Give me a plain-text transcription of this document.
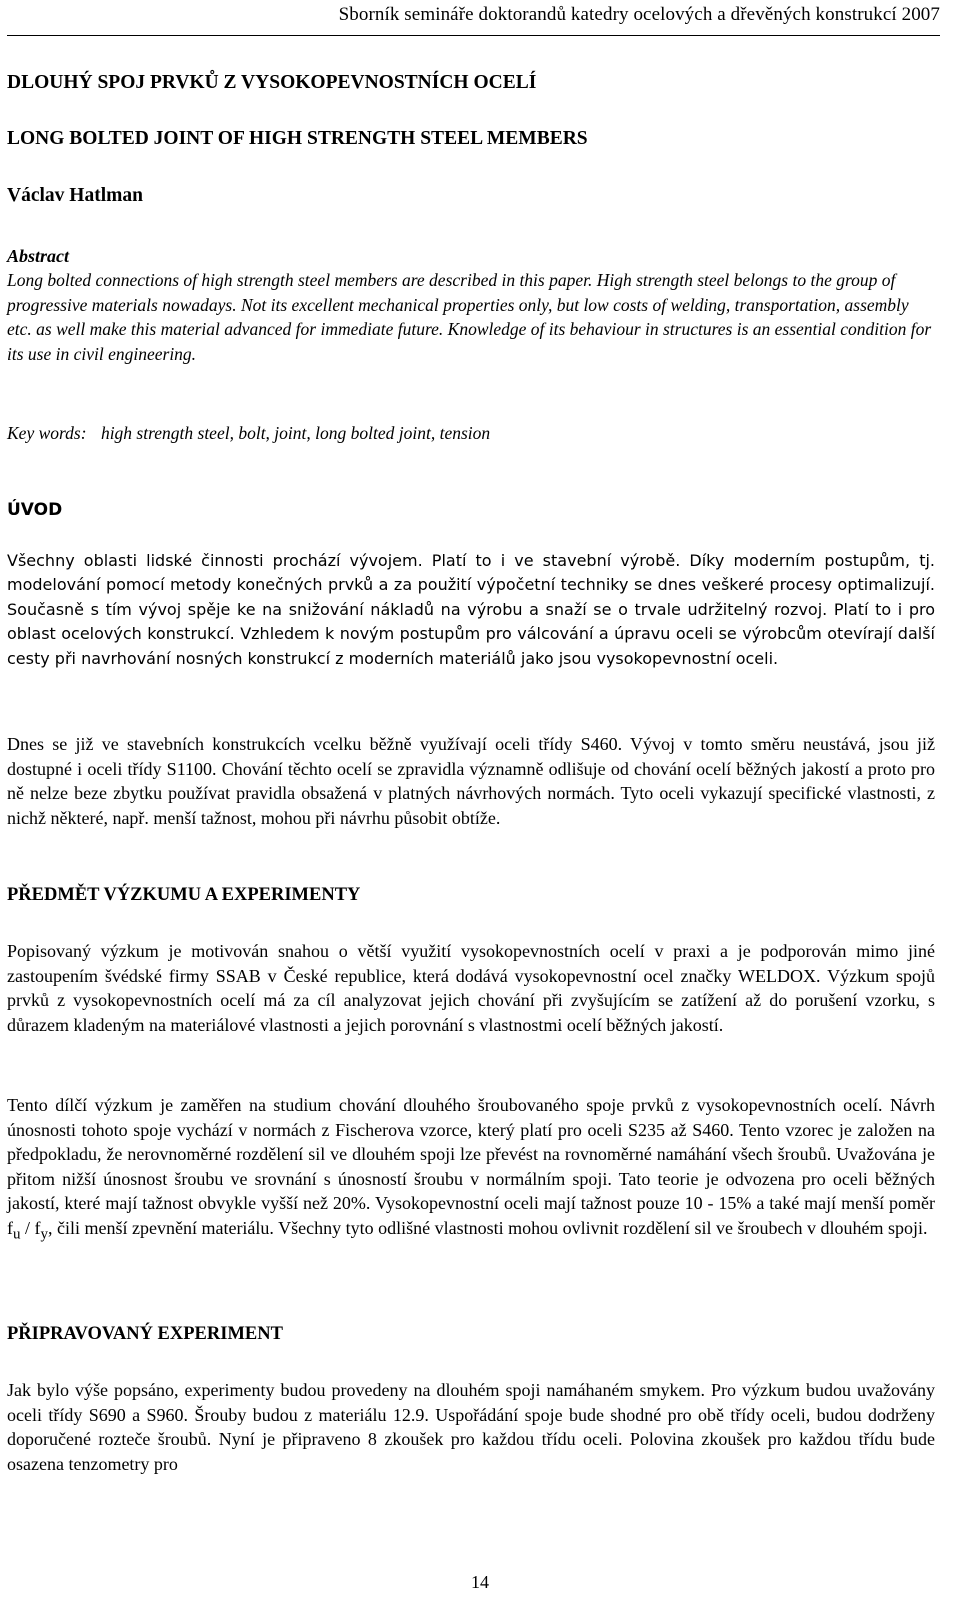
Sborník semináře doktorandů katedry ocelových a dřevěných konstrukcí 2007
DLOUHÝ SPOJ PRVKŮ Z VYSOKOPEVNOSTNÍCH OCELÍ
LONG BOLTED JOINT OF HIGH STRENGTH STEEL MEMBERS
Václav Hatlman
Abstract
Long bolted connections of high strength steel members are described in this paper. High strength steel belongs to the group of progressive materials nowadays. Not its excellent mechanical properties only, but low costs of welding, transportation, assembly etc. as well make this material advanced for immediate future. Knowledge of its behaviour in structures is an essential condition for its use in civil engineering.
Key words: high strength steel, bolt, joint, long bolted joint, tension
ÚVOD
Všechny oblasti lidské činnosti prochází vývojem. Platí to i ve stavební výrobě. Díky moderním postupům, tj. modelování pomocí metody konečných prvků a za použití výpočetní techniky se dnes veškeré procesy optimalizují. Současně s tím vývoj spěje ke na snižování nákladů na výrobu a snaží se o trvale udržitelný rozvoj. Platí to i pro oblast ocelových konstrukcí. Vzhledem k novým postupům pro válcování a úpravu oceli se výrobcům otevírají další cesty při navrhování nosných konstrukcí z moderních materiálů jako jsou vysokopevnostní oceli.
Dnes se již ve stavebních konstrukcích vcelku běžně využívají oceli třídy S460. Vývoj v tomto směru neustává, jsou již dostupné i oceli třídy S1100. Chování těchto ocelí se zpravidla významně odlišuje od chování ocelí běžných jakostí a proto pro ně nelze beze zbytku používat pravidla obsažená v platných návrhových normách. Tyto oceli vykazují specifické vlastnosti, z nichž některé, např. menší tažnost, mohou při návrhu působit obtíže.
PŘEDMĚT VÝZKUMU A EXPERIMENTY
Popisovaný výzkum je motivován snahou o větší využití vysokopevnostních ocelí v praxi a je podporován mimo jiné zastoupením švédské firmy SSAB v České republice, která dodává vysokopevnostní ocel značky WELDOX. Výzkum spojů prvků z vysokopevnostních ocelí má za cíl analyzovat jejich chování při zvyšujícím se zatížení až do porušení vzorku, s důrazem kladeným na materiálové vlastnosti a jejich porovnání s vlastnostmi ocelí běžných jakostí.
Tento dílčí výzkum je zaměřen na studium chování dlouhého šroubovaného spoje prvků z vysokopevnostních ocelí. Návrh únosnosti tohoto spoje vychází v normách z Fischerova vzorce, který platí pro oceli S235 až S460. Tento vzorec je založen na předpokladu, že nerovnoměrné rozdělení sil ve dlouhém spoji lze převést na rovnoměrné namáhání všech šroubů. Uvažována je přitom nižší únosnost šroubu ve srovnání s únosností šroubu v normálním spoji. Tato teorie je odvozena pro oceli běžných jakostí, které mají tažnost obvykle vyšší než 20%. Vysokopevnostní oceli mají tažnost pouze 10 - 15% a také mají menší poměr $f_u / f_y$, čili menší zpevnění materiálu. Všechny tyto odlišné vlastnosti mohou ovlivnit rozdělení sil ve šroubech v dlouhém spoji.
PŘIPRAVOVANÝ EXPERIMENT
Jak bylo výše popsáno, experimenty budou provedeny na dlouhém spoji namáhaném smykem. Pro výzkum budou uvažovány oceli třídy S690 a S960. Šrouby budou z materiálu 12.9. Uspořádání spoje bude shodné pro obě třídy oceli, budou dodrženy doporučené rozteče šroubů. Nyní je připraveno 8 zkoušek pro každou třídu oceli. Polovina zkoušek pro každou třídu bude osazena tenzometry pro
14
